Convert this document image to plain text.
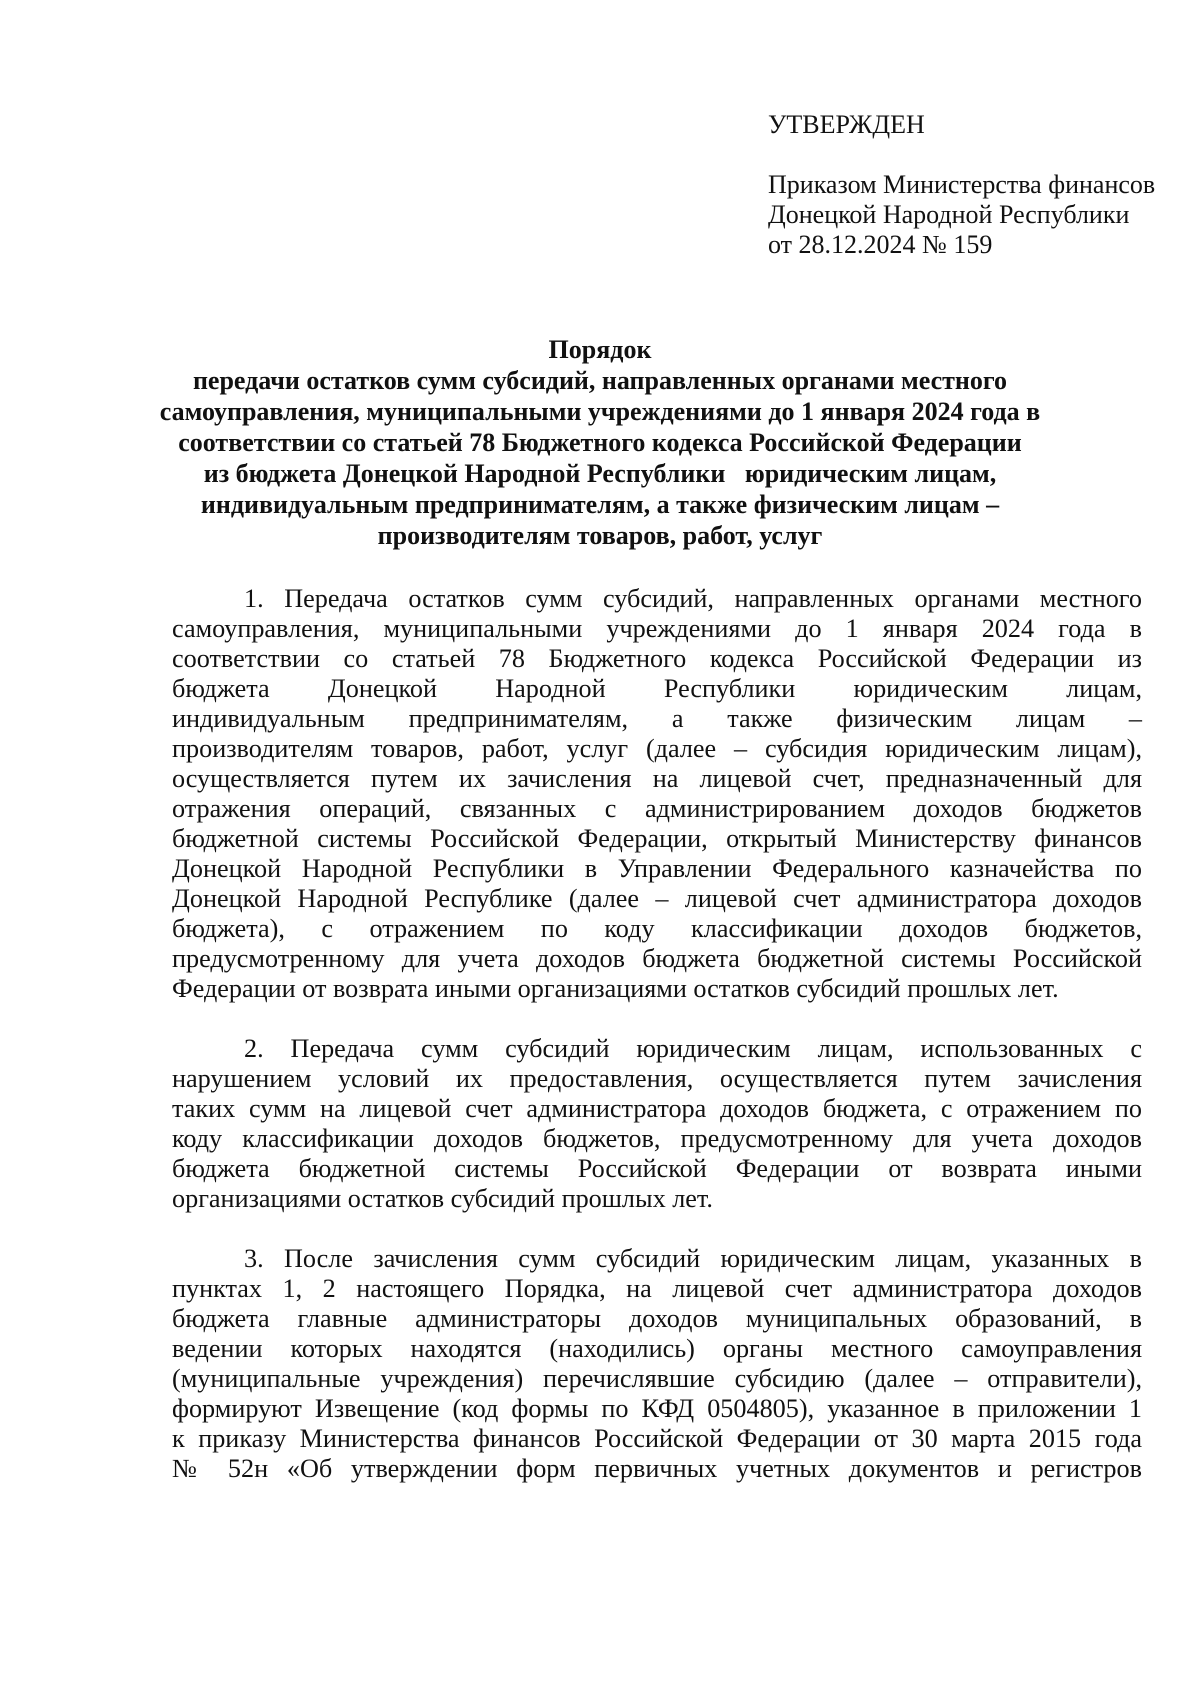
УТВЕРЖДЕН
Приказом Министерства финансов
Донецкой Народной Республики
от 28.12.2024 № 159
Порядок
передачи остатков сумм субсидий, направленных органами местного
самоуправления, муниципальными учреждениями до 1 января 2024 года в
соответствии со статьей 78 Бюджетного кодекса Российской Федерации
из бюджета Донецкой Народной Республики   юридическим лицам,
индивидуальным предпринимателям, а также физическим лицам –
производителям товаров, работ, услуг
1. Передача остатков сумм субсидий, направленных органами местного
самоуправления, муниципальными учреждениями до 1 января 2024 года в
соответствии со статьей 78 Бюджетного кодекса Российской Федерации из
бюджета Донецкой Народной Республики юридическим лицам,
индивидуальным предпринимателям, а также физическим лицам –
производителям товаров, работ, услуг (далее – субсидия юридическим лицам),
осуществляется путем их зачисления на лицевой счет, предназначенный для
отражения операций, связанных с администрированием доходов бюджетов
бюджетной системы Российской Федерации, открытый Министерству финансов
Донецкой Народной Республики в Управлении Федерального казначейства по
Донецкой Народной Республике (далее – лицевой счет администратора доходов
бюджета), с отражением по коду классификации доходов бюджетов,
предусмотренному для учета доходов бюджета бюджетной системы Российской
Федерации от возврата иными организациями остатков субсидий прошлых лет.
2. Передача сумм субсидий юридическим лицам, использованных с
нарушением условий их предоставления, осуществляется путем зачисления
таких сумм на лицевой счет администратора доходов бюджета, с отражением по
коду классификации доходов бюджетов, предусмотренному для учета доходов
бюджета бюджетной системы Российской Федерации от возврата иными
организациями остатков субсидий прошлых лет.
3. После зачисления сумм субсидий юридическим лицам, указанных в
пунктах 1, 2 настоящего Порядка, на лицевой счет администратора доходов
бюджета главные администраторы доходов муниципальных образований, в
ведении которых находятся (находились) органы местного самоуправления
(муниципальные учреждения) перечислявшие субсидию (далее – отправители),
формируют Извещение (код формы по КФД 0504805), указанное в приложении 1
к приказу Министерства финансов Российской Федерации от 30 марта 2015 года
№ 52н «Об утверждении форм первичных учетных документов и регистров
